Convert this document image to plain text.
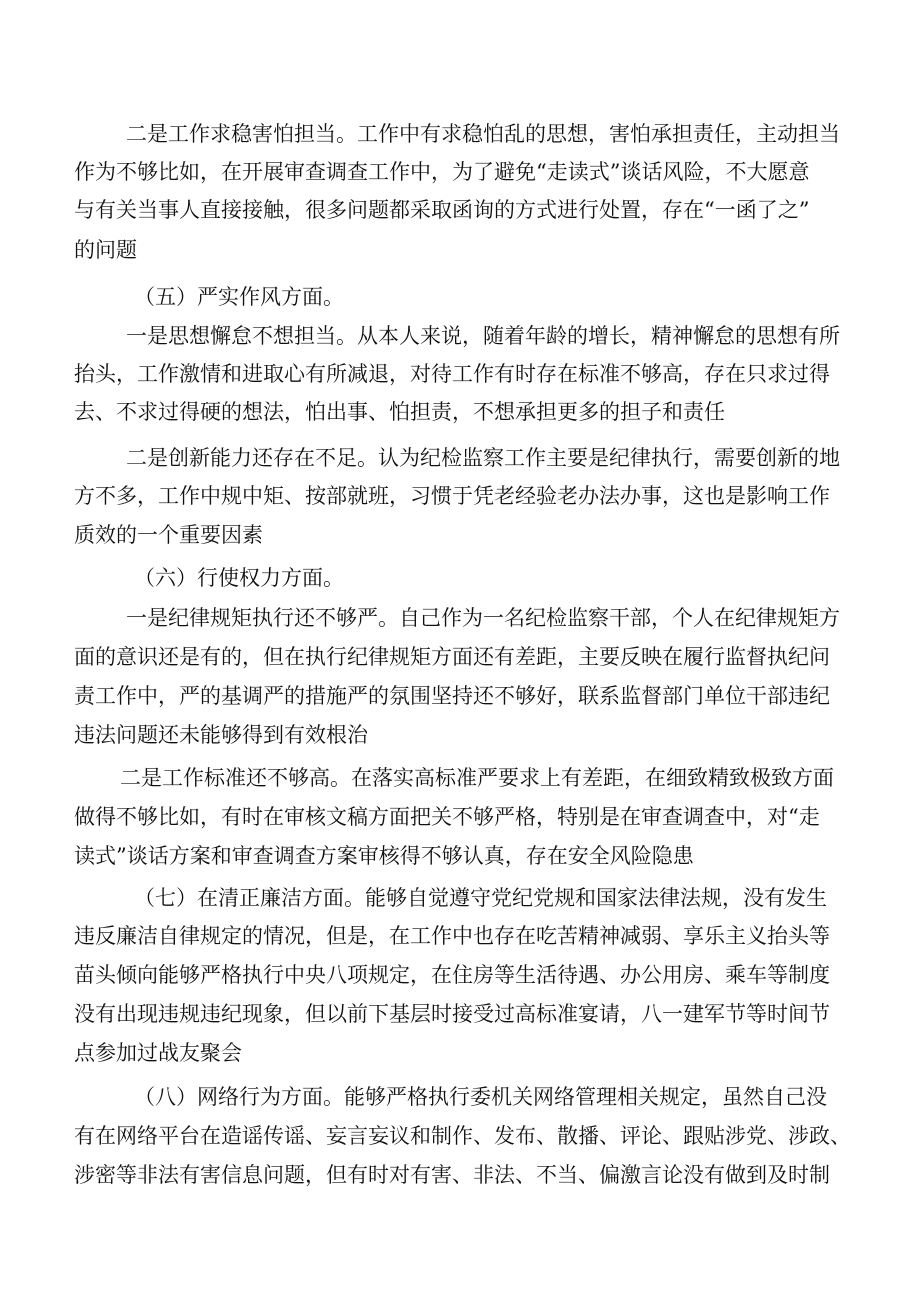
二是工作求稳害怕担当。工作中有求稳怕乱的思想，害怕承担责任，主动担当
作为不够比如，在开展审查调查工作中，为了避免“走读式”谈话风险，不大愿意
与有关当事人直接接触，很多问题都采取函询的方式进行处置，存在“一函了之”
的问题
（五）严实作风方面。
一是思想懈怠不想担当。从本人来说，随着年龄的增长，精神懈怠的思想有所
抬头，工作激情和进取心有所减退，对待工作有时存在标准不够高，存在只求过得
去、不求过得硬的想法，怕出事、怕担责，不想承担更多的担子和责任
二是创新能力还存在不足。认为纪检监察工作主要是纪律执行，需要创新的地
方不多，工作中规中矩、按部就班，习惯于凭老经验老办法办事，这也是影响工作
质效的一个重要因素
（六）行使权力方面。
一是纪律规矩执行还不够严。自己作为一名纪检监察干部，个人在纪律规矩方
面的意识还是有的，但在执行纪律规矩方面还有差距，主要反映在履行监督执纪问
责工作中，严的基调严的措施严的氛围坚持还不够好，联系监督部门单位干部违纪
违法问题还未能够得到有效根治
二是工作标准还不够高。在落实高标准严要求上有差距，在细致精致极致方面
做得不够比如，有时在审核文稿方面把关不够严格，特别是在审查调查中，对“走
读式”谈话方案和审查调查方案审核得不够认真，存在安全风险隐患
（七）在清正廉洁方面。能够自觉遵守党纪党规和国家法律法规，没有发生
违反廉洁自律规定的情况，但是，在工作中也存在吃苦精神减弱、享乐主义抬头等
苗头倾向能够严格执行中央八项规定，在住房等生活待遇、办公用房、乘车等制度
没有出现违规违纪现象，但以前下基层时接受过高标准宴请，八一建军节等时间节
点参加过战友聚会
（八）网络行为方面。能够严格执行委机关网络管理相关规定，虽然自己没
有在网络平台在造谣传谣、妄言妄议和制作、发布、散播、评论、跟贴涉党、涉政、
涉密等非法有害信息问题，但有时对有害、非法、不当、偏激言论没有做到及时制
